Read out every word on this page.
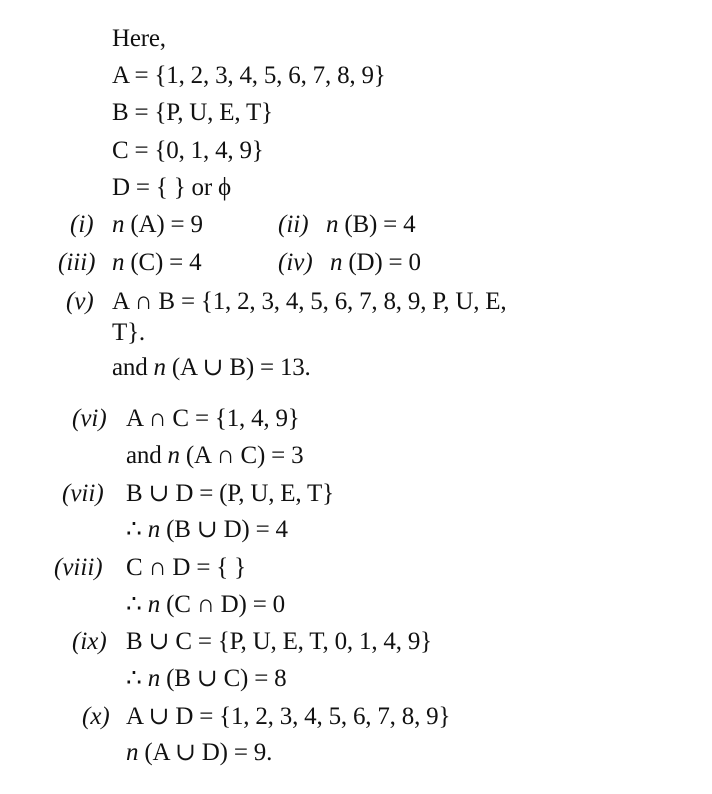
Here,
A = {1, 2, 3, 4, 5, 6, 7, 8, 9}
B = {P, U, E, T}
C = {0, 1, 4, 9}
D = { } or ϕ
(i) n (A) = 9	(ii) n (B) = 4
(iii) n (C) = 4	(iv) n (D) = 0
(v) A ∩ B = {1, 2, 3, 4, 5, 6, 7, 8, 9, P, U, E,
T}.
and n (A ∪ B) = 13.
(vi) A ∩ C = {1, 4, 9}
and n (A ∩ C) = 3
(vii) B ∪ D = (P, U, E, T}
∴ n (B ∪ D) = 4
(viii) C ∩ D = { }
∴ n (C ∩ D) = 0
(ix) B ∪ C = {P, U, E, T, 0, 1, 4, 9}
∴ n (B ∪ C) = 8
(x) A ∪ D = {1, 2, 3, 4, 5, 6, 7, 8, 9}
n (A ∪ D) = 9.
